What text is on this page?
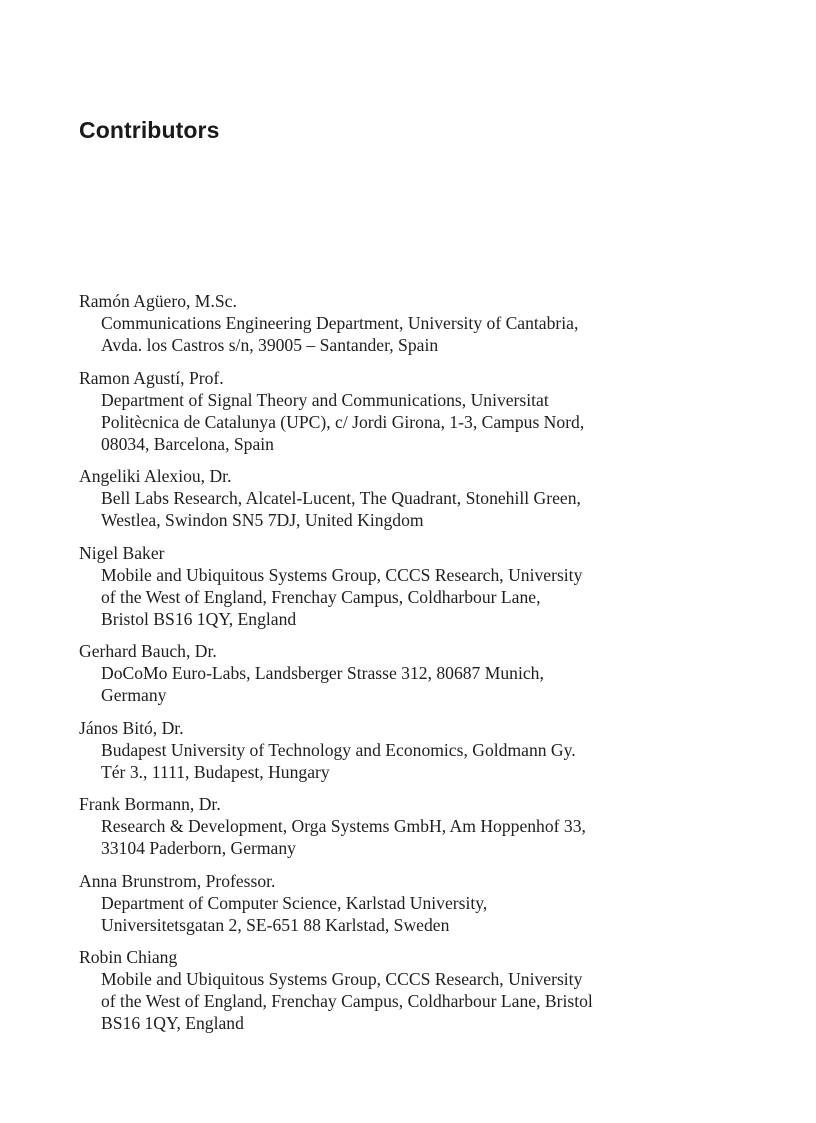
Contributors
Ramón Agüero, M.Sc.
Communications Engineering Department, University of Cantabria,
Avda. los Castros s/n, 39005 – Santander, Spain
Ramon Agustí, Prof.
Department of Signal Theory and Communications, Universitat
Politècnica de Catalunya (UPC), c/ Jordi Girona, 1-3, Campus Nord,
08034, Barcelona, Spain
Angeliki Alexiou, Dr.
Bell Labs Research, Alcatel-Lucent, The Quadrant, Stonehill Green,
Westlea, Swindon SN5 7DJ, United Kingdom
Nigel Baker
Mobile and Ubiquitous Systems Group, CCCS Research, University
of the West of England, Frenchay Campus, Coldharbour Lane,
Bristol BS16 1QY, England
Gerhard Bauch, Dr.
DoCoMo Euro-Labs, Landsberger Strasse 312, 80687 Munich,
Germany
János Bitó, Dr.
Budapest University of Technology and Economics, Goldmann Gy.
Tér 3., 1111, Budapest, Hungary
Frank Bormann, Dr.
Research & Development, Orga Systems GmbH, Am Hoppenhof 33,
33104 Paderborn, Germany
Anna Brunstrom, Professor.
Department of Computer Science, Karlstad University,
Universitetsgatan 2, SE-651 88 Karlstad, Sweden
Robin Chiang
Mobile and Ubiquitous Systems Group, CCCS Research, University
of the West of England, Frenchay Campus, Coldharbour Lane, Bristol
BS16 1QY, England
